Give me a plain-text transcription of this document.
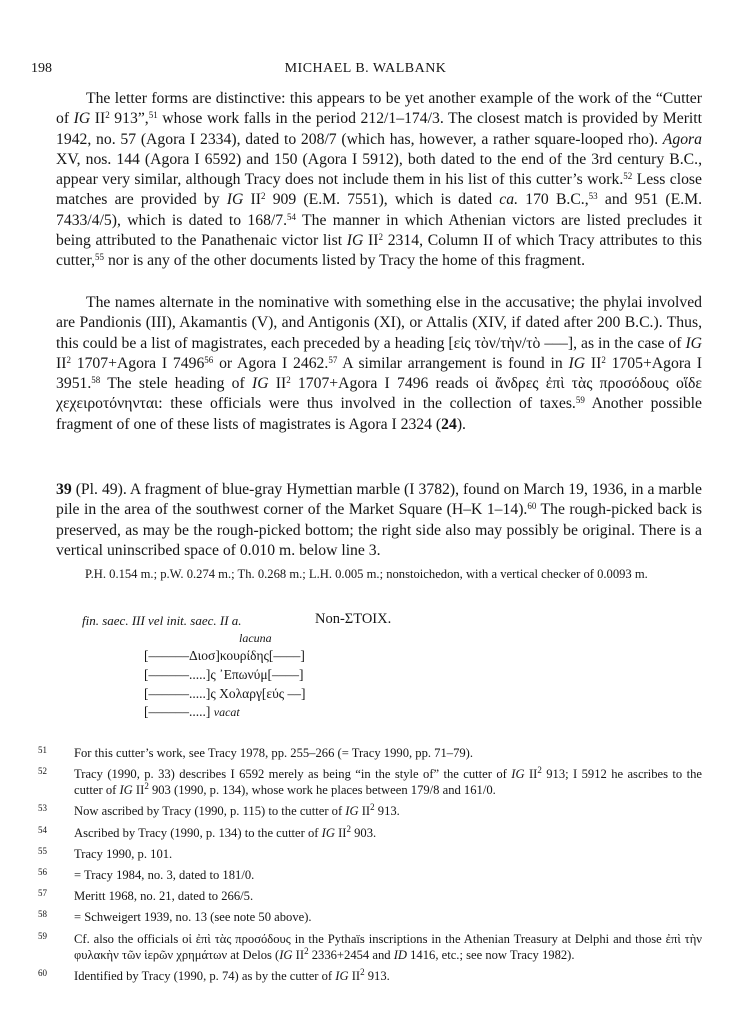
198	MICHAEL B. WALBANK

The letter forms are distinctive: this appears to be yet another example of the work of the “Cutter of IG $II^2$ 913”,$^{51}$ whose work falls in the period 212/1–174/3. The closest match is provided by Meritt 1942, no. 57 (Agora I 2334), dated to 208/7 (which has, however, a rather square-looped rho). Agora XV, nos. 144 (Agora I 6592) and 150 (Agora I 5912), both dated to the end of the 3rd century B.C., appear very similar, although Tracy does not include them in his list of this cutter’s work.$^{52}$ Less close matches are provided by IG $II^2$ 909 (E.M. 7551), which is dated ca. 170 B.C.,$^{53}$ and 951 (E.M. 7433/4/5), which is dated to 168/7.54 The manner in which Athenian victors are listed precludes it being attributed to the Panathenaic victor list IG $II^2$ 2314, Column II of which Tracy attributes to this cutter,$^{55}$ nor is any of the other documents listed by Tracy the home of this fragment.

The names alternate in the nominative with something else in the accusative; the phylai involved are Pandionis (III), Akamantis (V), and Antigonis (XI), or Attalis (XIV, if dated after 200 B.C.). Thus, this could be a list of magistrates, each preceded by a heading [εἰς τὸν/τὴν/τὸ ‒‒‒], as in the case of IG $II^2$ 1707+Agora I 7496$^{56}$ or Agora I 2462.57 A similar arrangement is found in IG $II^2$ 1705+Agora I 3951.58 The stele heading of IG $II^2$ 1707+Agora I 7496 reads οἱ ἄνδρες ἐπὶ τὰς προσόδους οἵδε χεχειροτόνηνται: these officials were thus involved in the collection of taxes.$^{59}$ Another possible fragment of one of these lists of magistrates is Agora I 2324 (24).

39 (Pl. 49). A fragment of blue-gray Hymettian marble (I 3782), found on March 19, 1936, in a marble pile in the area of the southwest corner of the Market Square (H–K 1–14).$^{60}$ The rough-picked back is preserved, as may be the rough-picked bottom; the right side also may possibly be original. There is a vertical uninscribed space of 0.010 m. below line 3.

P.H. 0.154 m.; p.W. 0.274 m.; Th. 0.268 m.; L.H. 0.005 m.; nonstoichedon, with a vertical checker of 0.0093 m.

fin. saec. III vel init. saec. II a.	Non-ΣΤΟΙΧ.
lacuna
[‒‒‒‒‒‒Διοσ]κουρίδης[‒‒‒‒]
[‒‒‒‒‒‒.....]ς ᾿Επωνύμ[‒‒‒‒]
[‒‒‒‒‒‒.....]ς Χολαργ[εύς ‒‒]
[‒‒‒‒‒‒.....] vacat

51 For this cutter’s work, see Tracy 1978, pp. 255–266 (= Tracy 1990, pp. 71–79).

52 Tracy (1990, p. 33) describes I 6592 merely as being “in the style of” the cutter of IG $II^2$ 913; I 5912 he ascribes to the cutter of IG $II^2$ 903 (1990, p. 134), whose work he places between 179/8 and 161/0.

53 Now ascribed by Tracy (1990, p. 115) to the cutter of IG $II^2$ 913.

54 Ascribed by Tracy (1990, p. 134) to the cutter of IG $II^2$ 903.

55 Tracy 1990, p. 101.

56 = Tracy 1984, no. 3, dated to 181/0.

57 Meritt 1968, no. 21, dated to 266/5.

58 = Schweigert 1939, no. 13 (see note 50 above).

59 Cf. also the officials οἱ ἐπὶ τὰς προσόδους in the Pythaïs inscriptions in the Athenian Treasury at Delphi and those ἐπὶ τὴν φυλακὴν τῶν ἱερῶν χρημάτων at Delos (IG $II^2$ 2336+2454 and ID 1416, etc.; see now Tracy 1982).

60 Identified by Tracy (1990, p. 74) as by the cutter of IG $II^2$ 913.
